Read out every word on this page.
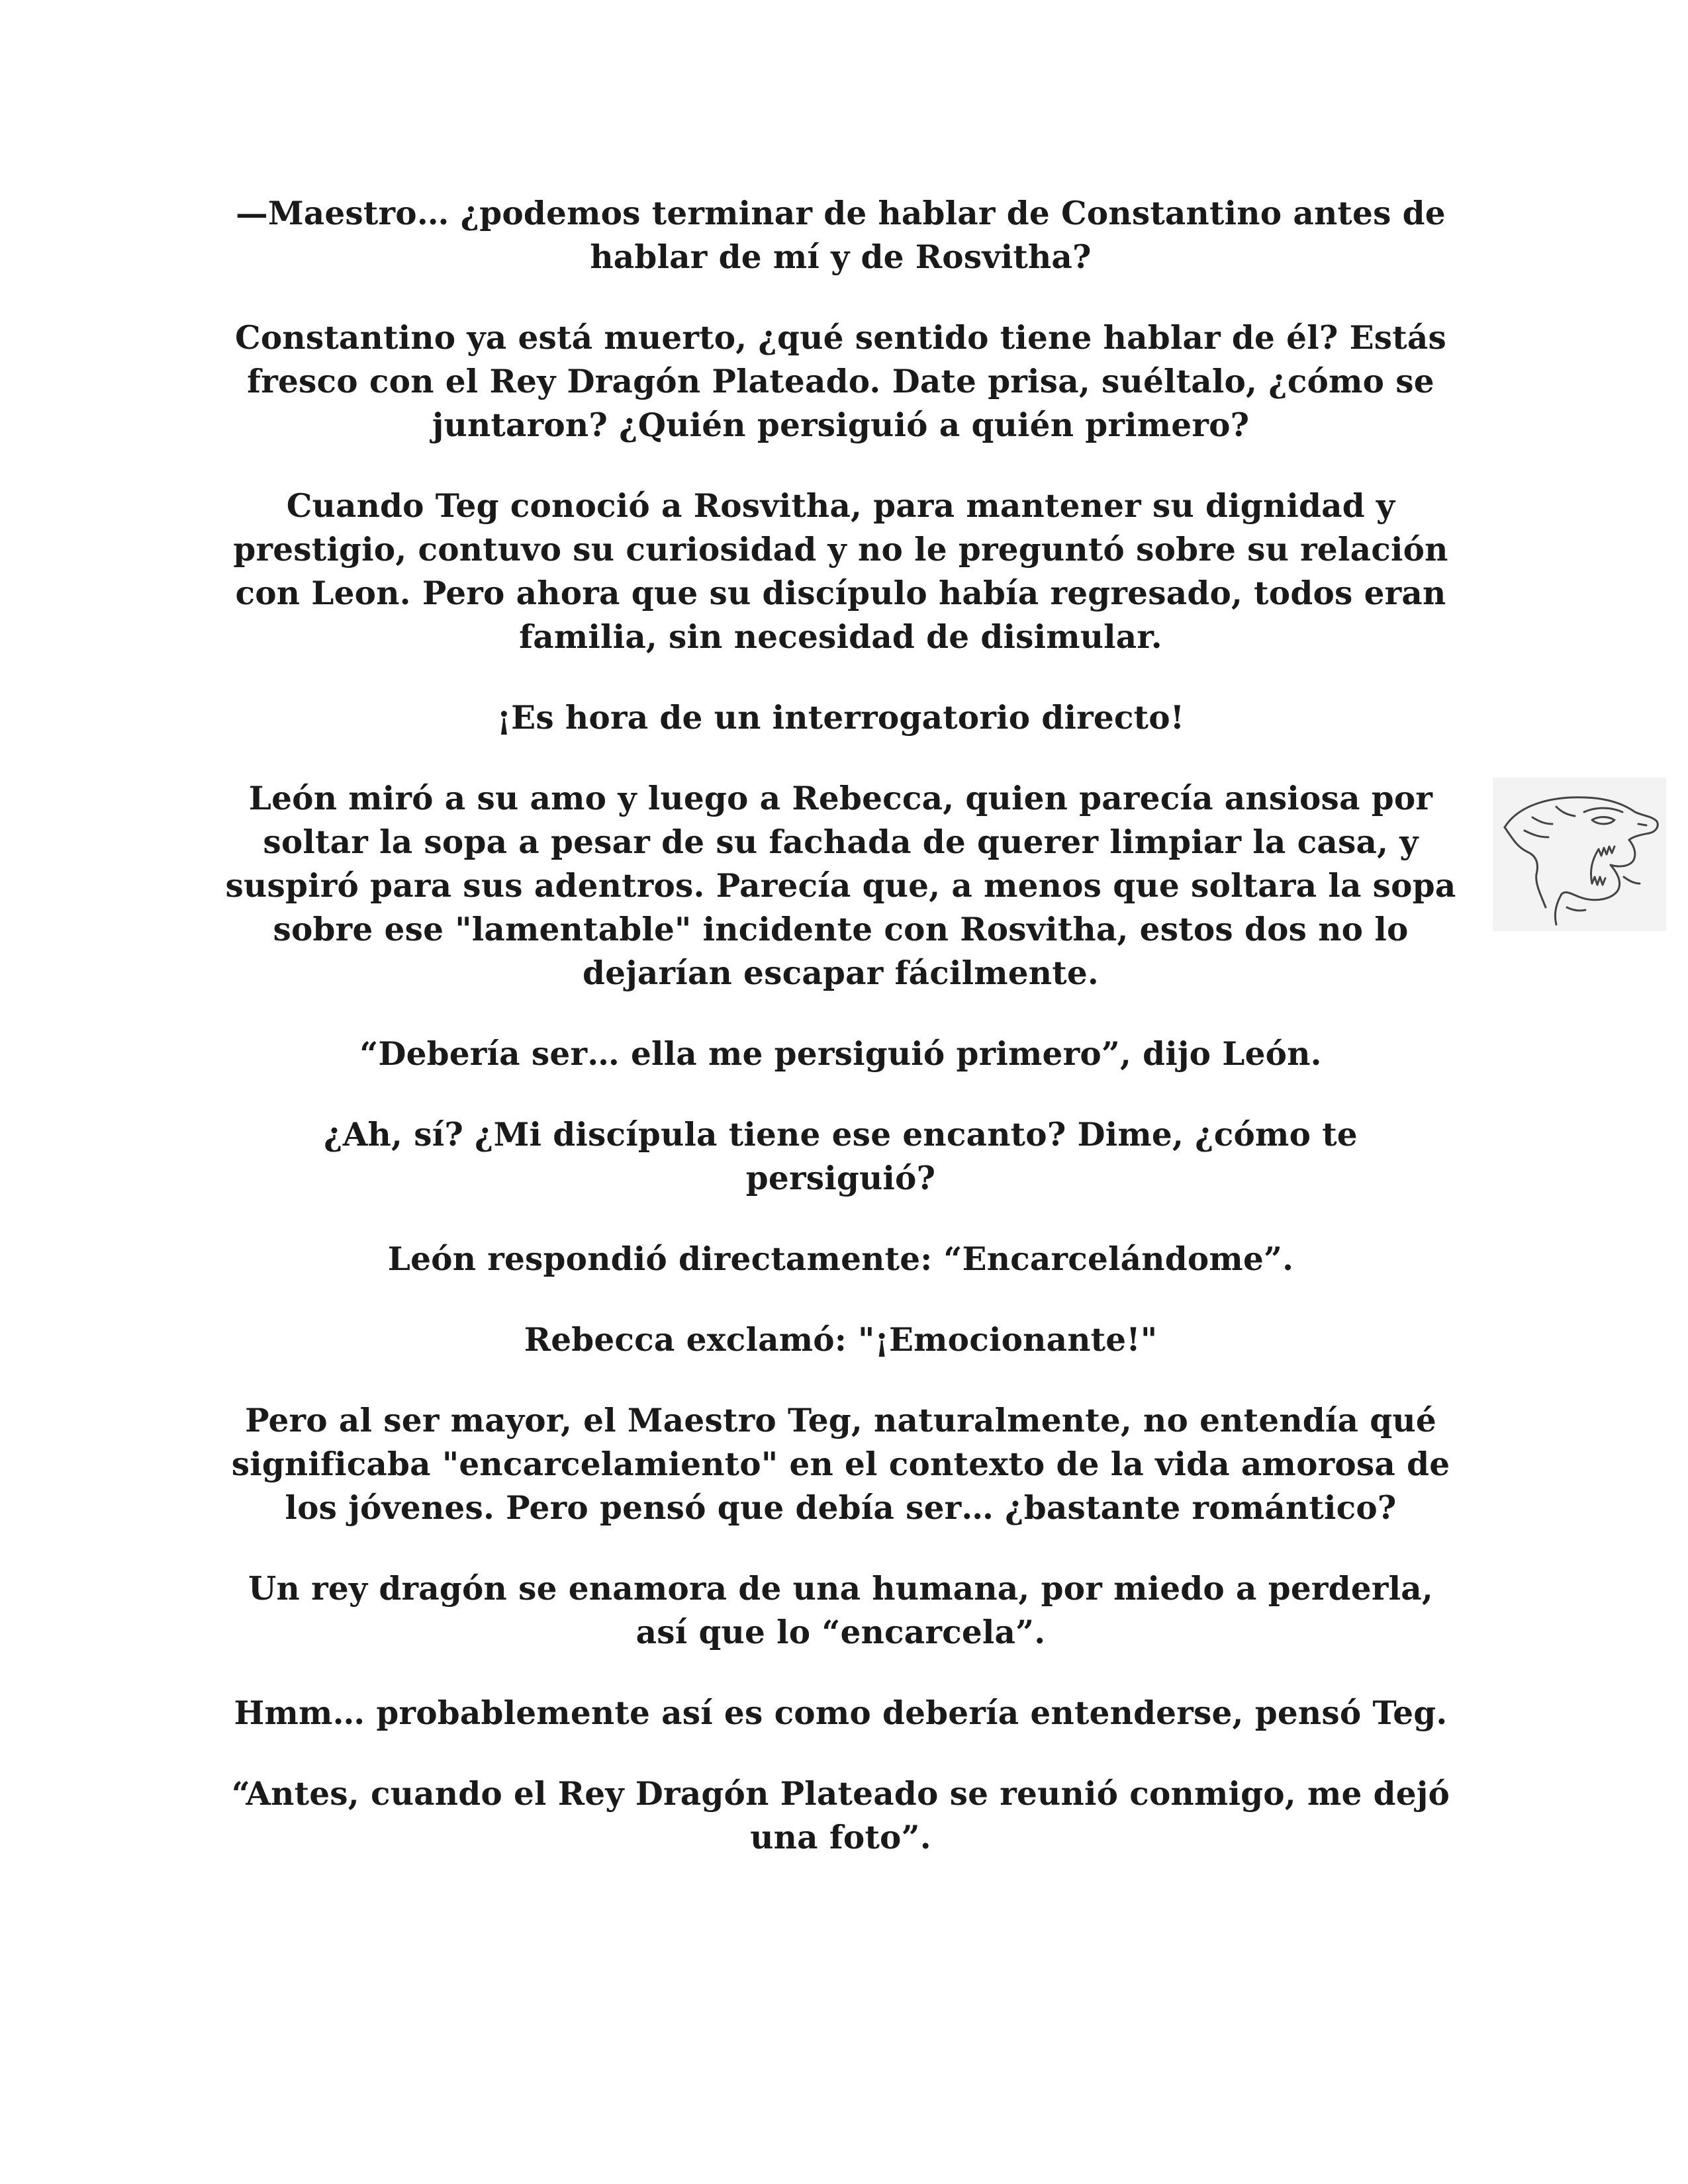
—Maestro… ¿podemos terminar de hablar de Constantino antes de hablar de mí y de Rosvitha?

Constantino ya está muerto, ¿qué sentido tiene hablar de él? Estás fresco con el Rey Dragón Plateado. Date prisa, suéltalo, ¿cómo se juntaron? ¿Quién persiguió a quién primero?

Cuando Teg conoció a Rosvitha, para mantener su dignidad y prestigio, contuvo su curiosidad y no le preguntó sobre su relación con Leon. Pero ahora que su discípulo había regresado, todos eran familia, sin necesidad de disimular.

¡Es hora de un interrogatorio directo!

León miró a su amo y luego a Rebecca, quien parecía ansiosa por soltar la sopa a pesar de su fachada de querer limpiar la casa, y suspiró para sus adentros. Parecía que, a menos que soltara la sopa sobre ese "lamentable" incidente con Rosvitha, estos dos no lo dejarían escapar fácilmente.

“Debería ser… ella me persiguió primero”, dijo León.

¿Ah, sí? ¿Mi discípula tiene ese encanto? Dime, ¿cómo te persiguió?

León respondió directamente: “Encarcelándome”.

Rebecca exclamó: "¡Emocionante!"

Pero al ser mayor, el Maestro Teg, naturalmente, no entendía qué significaba "encarcelamiento" en el contexto de la vida amorosa de los jóvenes. Pero pensó que debía ser… ¿bastante romántico?

Un rey dragón se enamora de una humana, por miedo a perderla, así que lo “encarcela”.

Hmm… probablemente así es como debería entenderse, pensó Teg.

“Antes, cuando el Rey Dragón Plateado se reunió conmigo, me dejó una foto”.
